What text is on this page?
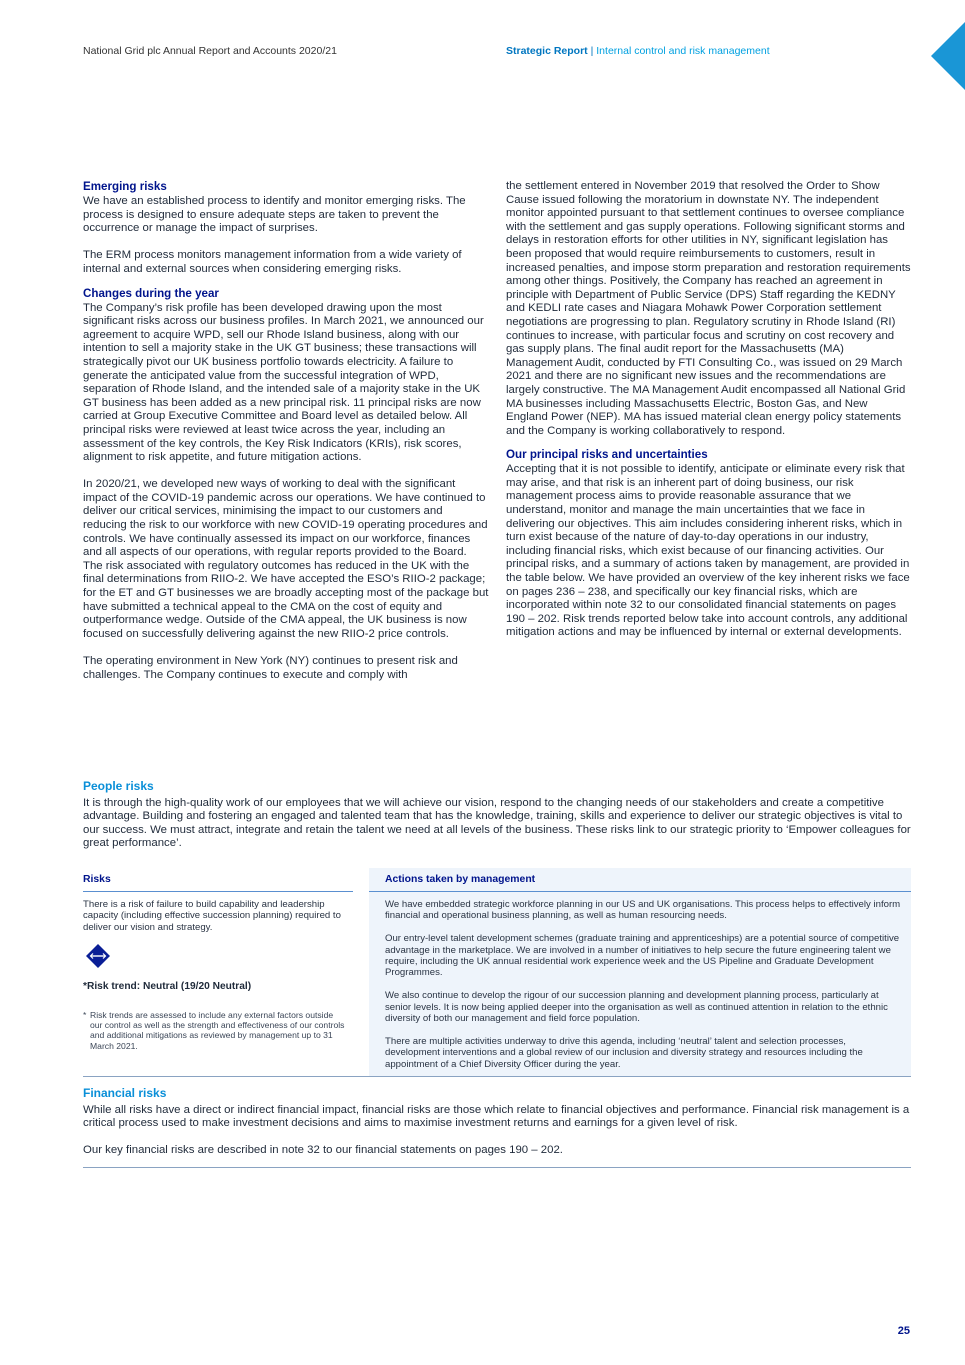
National Grid plc Annual Report and Accounts 2020/21	Strategic Report | Internal control and risk management
Emerging risks

We have an established process to identify and monitor emerging risks. The process is designed to ensure adequate steps are taken to prevent the occurrence or manage the impact of surprises.

The ERM process monitors management information from a wide variety of internal and external sources when considering emerging risks.

Changes during the year

The Company’s risk profile has been developed drawing upon the most significant risks across our business profiles. In March 2021, we announced our agreement to acquire WPD, sell our Rhode Island business, along with our intention to sell a majority stake in the UK GT business; these transactions will strategically pivot our UK business portfolio towards electricity. A failure to generate the anticipated value from the successful integration of WPD, separation of Rhode Island, and the intended sale of a majority stake in the UK GT business has been added as a new principal risk. 11 principal risks are now carried at Group Executive Committee and Board level as detailed below. All principal risks were reviewed at least twice across the year, including an assessment of the key controls, the Key Risk Indicators (KRIs), risk scores, alignment to risk appetite, and future mitigation actions.

In 2020/21, we developed new ways of working to deal with the significant impact of the COVID-19 pandemic across our operations. We have continued to deliver our critical services, minimising the impact to our customers and reducing the risk to our workforce with new COVID-19 operating procedures and controls. We have continually assessed its impact on our workforce, finances and all aspects of our operations, with regular reports provided to the Board. The risk associated with regulatory outcomes has reduced in the UK with the final determinations from RIIO-2. We have accepted the ESO’s RIIO-2 package; for the ET and GT businesses we are broadly accepting most of the package but have submitted a technical appeal to the CMA on the cost of equity and outperformance wedge. Outside of the CMA appeal, the UK business is now focused on successfully delivering against the new RIIO-2 price controls.

The operating environment in New York (NY) continues to present risk and challenges. The Company continues to execute and comply with

the settlement entered in November 2019 that resolved the Order to Show Cause issued following the moratorium in downstate NY. The independent monitor appointed pursuant to that settlement continues to oversee compliance with the settlement and gas supply operations. Following significant storms and delays in restoration efforts for other utilities in NY, significant legislation has been proposed that would require reimbursements to customers, result in increased penalties, and impose storm preparation and restoration requirements among other things. Positively, the Company has reached an agreement in principle with Department of Public Service (DPS) Staff regarding the KEDNY and KEDLI rate cases and Niagara Mohawk Power Corporation settlement negotiations are progressing to plan. Regulatory scrutiny in Rhode Island (RI) continues to increase, with particular focus and scrutiny on cost recovery and gas supply plans. The final audit report for the Massachusetts (MA) Management Audit, conducted by FTI Consulting Co., was issued on 29 March 2021 and there are no significant new issues and the recommendations are largely constructive. The MA Management Audit encompassed all National Grid MA businesses including Massachusetts Electric, Boston Gas, and New England Power (NEP). MA has issued material clean energy policy statements and the Company is working collaboratively to respond.

Our principal risks and uncertainties

Accepting that it is not possible to identify, anticipate or eliminate every risk that may arise, and that risk is an inherent part of doing business, our risk management process aims to provide reasonable assurance that we understand, monitor and manage the main uncertainties that we face in delivering our objectives. This aim includes considering inherent risks, which in turn exist because of the nature of day-to-day operations in our industry, including financial risks, which exist because of our financing activities. Our principal risks, and a summary of actions taken by management, are provided in the table below. We have provided an overview of the key inherent risks we face on pages 236 – 238, and specifically our key financial risks, which are incorporated within note 32 to our consolidated financial statements on pages 190 – 202. Risk trends reported below take into account controls, any additional mitigation actions and may be influenced by internal or external developments.

People risks

It is through the high-quality work of our employees that we will achieve our vision, respond to the changing needs of our stakeholders and create a competitive advantage. Building and fostering an engaged and talented team that has the knowledge, training, skills and experience to deliver our strategic objectives is vital to our success. We must attract, integrate and retain the talent we need at all levels of the business. These risks link to our strategic priority to ‘Empower colleagues for great performance’.

Risks	Actions taken by management
There is a risk of failure to build capability and leadership capacity (including effective succession planning) required to deliver our vision and strategy.
*Risk trend: Neutral (19/20 Neutral)
* Risk trends are assessed to include any external factors outside our control as well as the strength and effectiveness of our controls and additional mitigations as reviewed by management up to 31 March 2021.

We have embedded strategic workforce planning in our US and UK organisations. This process helps to effectively inform financial and operational business planning, as well as human resourcing needs.

Our entry-level talent development schemes (graduate training and apprenticeships) are a potential source of competitive advantage in the marketplace. We are involved in a number of initiatives to help secure the future engineering talent we require, including the UK annual residential work experience week and the US Pipeline and Graduate Development Programmes.

We also continue to develop the rigour of our succession planning and development planning process, particularly at senior levels. It is now being applied deeper into the organisation as well as continued attention in relation to the ethnic diversity of both our management and field force population.

There are multiple activities underway to drive this agenda, including ‘neutral’ talent and selection processes, development interventions and a global review of our inclusion and diversity strategy and resources including the appointment of a Chief Diversity Officer during the year.

Financial risks

While all risks have a direct or indirect financial impact, financial risks are those which relate to financial objectives and performance. Financial risk management is a critical process used to make investment decisions and aims to maximise investment returns and earnings for a given level of risk.

Our key financial risks are described in note 32 to our financial statements on pages 190 – 202.

25
